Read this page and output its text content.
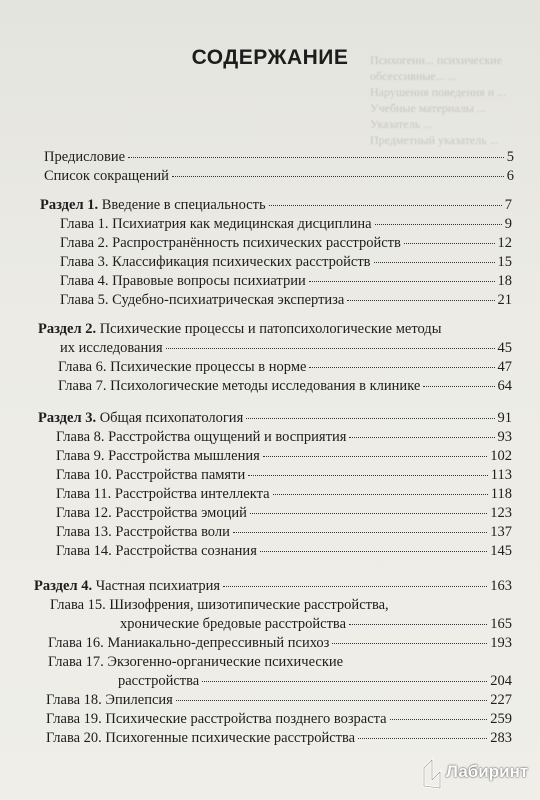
Психогенн... психические
обсессивные... ...
Нарушения поведения и ...
Учебные материалы ...
Указатель ...
Предметный указатель ...
СОДЕРЖАНИЕ
Предисловие	5
Список сокращений	6
Раздел 1. Введение в специальность	7
Глава 1. Психиатрия как медицинская дисциплина	9
Глава 2. Распространённость психических расстройств	12
Глава 3. Классификация психических расстройств	15
Глава 4. Правовые вопросы психиатрии	18
Глава 5. Судебно-психиатрическая экспертиза	21
Раздел 2. Психические процессы и патопсихологические методы
их исследования	45
Глава 6. Психические процессы в норме	47
Глава 7. Психологические методы исследования в клинике	64
Раздел 3. Общая психопатология	91
Глава 8. Расстройства ощущений и восприятия	93
Глава 9. Расстройства мышления	102
Глава 10. Расстройства памяти	113
Глава 11. Расстройства интеллекта	118
Глава 12. Расстройства эмоций	123
Глава 13. Расстройства воли	137
Глава 14. Расстройства сознания	145
Раздел 4. Частная психиатрия	163
Глава 15. Шизофрения, шизотипические расстройства,
хронические бредовые расстройства	165
Глава 16. Маниакально-депрессивный психоз	193
Глава 17. Экзогенно-органические психические
расстройства	204
Глава 18. Эпилепсия	227
Глава 19. Психические расстройства позднего возраста	259
Глава 20. Психогенные психические расстройства	283
Лабиринт
